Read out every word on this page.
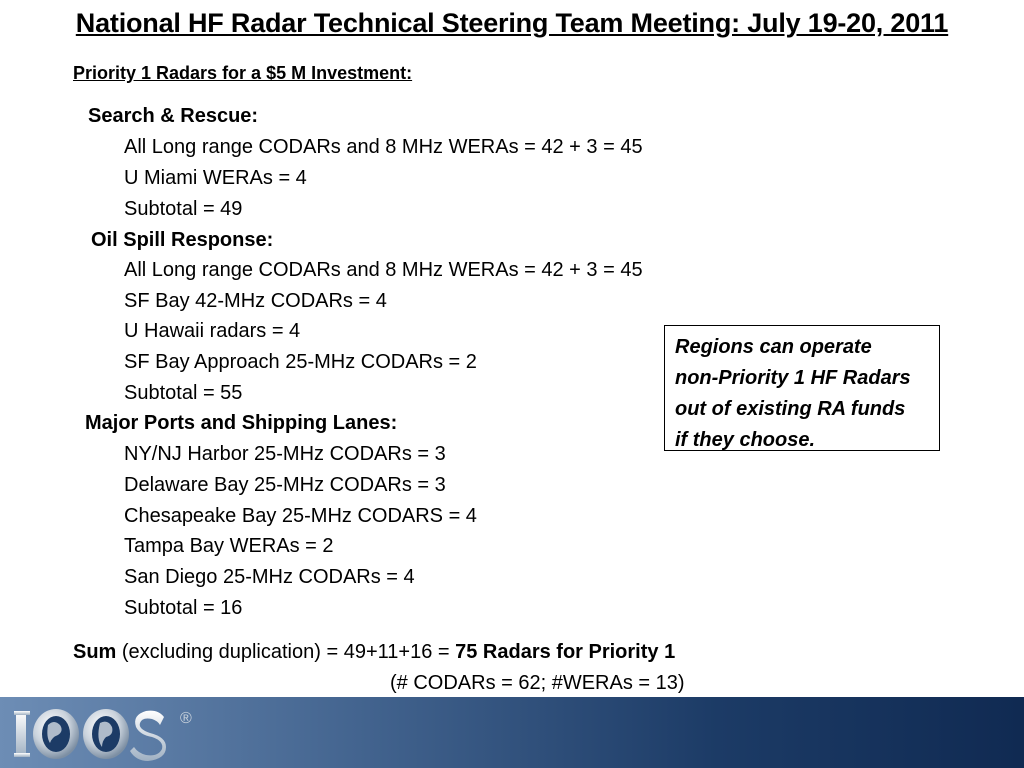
National HF Radar Technical Steering Team Meeting: July 19-20, 2011
Priority 1 Radars for a $5 M Investment:
Search & Rescue:
All Long range CODARs and 8 MHz WERAs = 42 + 3 = 45
U Miami WERAs = 4
Subtotal = 49
Oil Spill Response:
All Long range CODARs and 8 MHz WERAs = 42 + 3 = 45
SF Bay 42-MHz CODARs = 4
U Hawaii radars = 4
SF Bay Approach 25-MHz CODARs = 2
Subtotal = 55
Major Ports and Shipping Lanes:
NY/NJ Harbor 25-MHz CODARs = 3
Delaware Bay 25-MHz CODARs = 3
Chesapeake Bay 25-MHz CODARS = 4
Tampa Bay WERAs = 2
San Diego 25-MHz CODARs = 4
Subtotal = 16
Sum (excluding duplication) = 49+11+16 = 75 Radars for Priority 1
(# CODARs = 62; #WERAs = 13)
Regions can operate
non-Priority 1 HF Radars
out of existing RA funds
if they choose.
®
